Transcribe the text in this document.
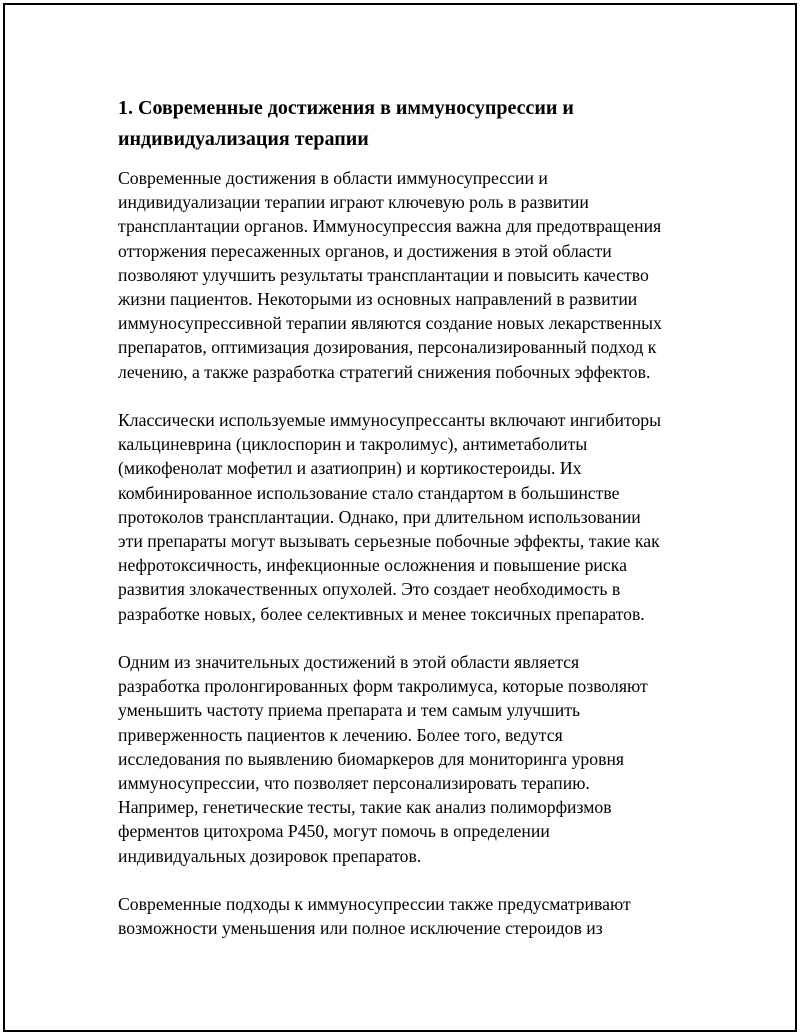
1. Современные достижения в иммуносупрессии и
индивидуализация терапии

Современные достижения в области иммуносупрессии и
индивидуализации терапии играют ключевую роль в развитии
трансплантации органов. Иммуносупрессия важна для предотвращения
отторжения пересаженных органов, и достижения в этой области
позволяют улучшить результаты трансплантации и повысить качество
жизни пациентов. Некоторыми из основных направлений в развитии
иммуносупрессивной терапии являются создание новых лекарственных
препаратов, оптимизация дозирования, персонализированный подход к
лечению, а также разработка стратегий снижения побочных эффектов.

Классически используемые иммуносупрессанты включают ингибиторы
кальциневрина (циклоспорин и такролимус), антиметаболиты
(микофенолат мофетил и азатиоприн) и кортикостероиды. Их
комбинированное использование стало стандартом в большинстве
протоколов трансплантации. Однако, при длительном использовании
эти препараты могут вызывать серьезные побочные эффекты, такие как
нефротоксичность, инфекционные осложнения и повышение риска
развития злокачественных опухолей. Это создает необходимость в
разработке новых, более селективных и менее токсичных препаратов.

Одним из значительных достижений в этой области является
разработка пролонгированных форм такролимуса, которые позволяют
уменьшить частоту приема препарата и тем самым улучшить
приверженность пациентов к лечению. Более того, ведутся
исследования по выявлению биомаркеров для мониторинга уровня
иммуносупрессии, что позволяет персонализировать терапию.
Например, генетические тесты, такие как анализ полиморфизмов
ферментов цитохрома P450, могут помочь в определении
индивидуальных дозировок препаратов.

Современные подходы к иммуносупрессии также предусматривают
возможности уменьшения или полное исключение стероидов из
